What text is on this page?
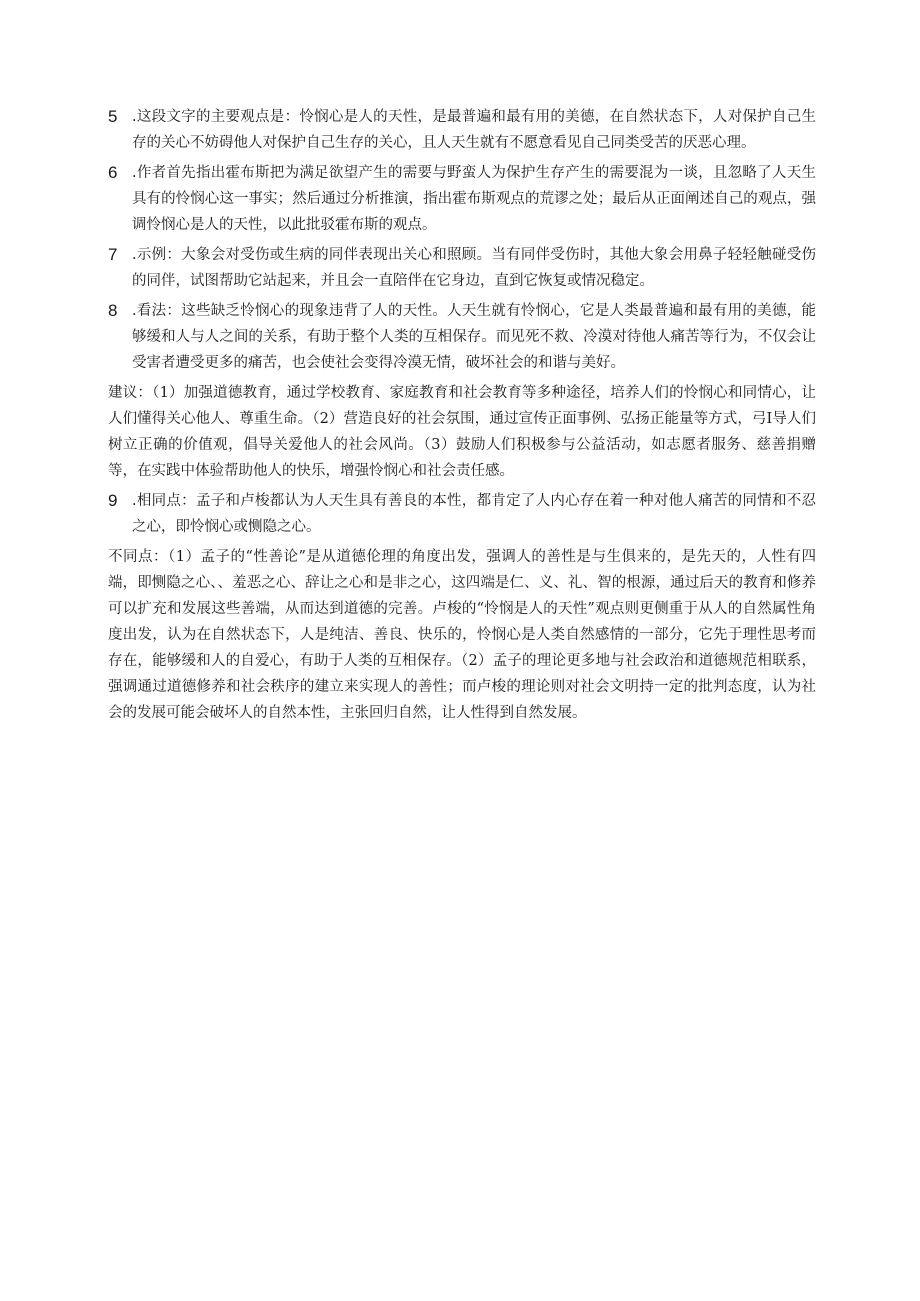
5 .这段文字的主要观点是：怜悯心是人的天性，是最普遍和最有用的美德，在自然状态下，人对保护自己生存的关心不妨碍他人对保护自己生存的关心，且人天生就有不愿意看见自己同类受苦的厌恶心理。
6 .作者首先指出霍布斯把为满足欲望产生的需要与野蛮人为保护生存产生的需要混为一谈，且忽略了人天生具有的怜悯心这一事实；然后通过分析推演，指出霍布斯观点的荒谬之处；最后从正面阐述自己的观点，强调怜悯心是人的天性，以此批驳霍布斯的观点。
7 .示例：大象会对受伤或生病的同伴表现出关心和照顾。当有同伴受伤时，其他大象会用鼻子轻轻触碰受伤的同伴，试图帮助它站起来，并且会一直陪伴在它身边，直到它恢复或情况稳定。
8 .看法：这些缺乏怜悯心的现象违背了人的天性。人天生就有怜悯心，它是人类最普遍和最有用的美德，能够缓和人与人之间的关系，有助于整个人类的互相保存。而见死不救、冷漠对待他人痛苦等行为，不仅会让受害者遭受更多的痛苦，也会使社会变得冷漠无情，破坏社会的和谐与美好。
建议：（1）加强道德教育，通过学校教育、家庭教育和社会教育等多种途径，培养人们的怜悯心和同情心，让人们懂得关心他人、尊重生命。（2）营造良好的社会氛围，通过宣传正面事例、弘扬正能量等方式，弓I导人们树立正确的价值观，倡导关爱他人的社会风尚。（3）鼓励人们积极参与公益活动，如志愿者服务、慈善捐赠等，在实践中体验帮助他人的快乐，增强怜悯心和社会责任感。
9 .相同点：孟子和卢梭都认为人天生具有善良的本性，都肯定了人内心存在着一种对他人痛苦的同情和不忍之心，即怜悯心或恻隐之心。
不同点：（1）孟子的“性善论”是从道德伦理的角度出发，强调人的善性是与生俱来的，是先天的，人性有四端，即恻隐之心、、羞恶之心、辞让之心和是非之心，这四端是仁、义、礼、智的根源，通过后天的教育和修养可以扩充和发展这些善端，从而达到道德的完善。卢梭的“怜悯是人的天性”观点则更侧重于从人的自然属性角度出发，认为在自然状态下，人是纯洁、善良、快乐的，怜悯心是人类自然感情的一部分，它先于理性思考而存在，能够缓和人的自爱心，有助于人类的互相保存。（2）孟子的理论更多地与社会政治和道德规范相联系，强调通过道德修养和社会秩序的建立来实现人的善性；而卢梭的理论则对社会文明持一定的批判态度，认为社会的发展可能会破坏人的自然本性，主张回归自然，让人性得到自然发展。
